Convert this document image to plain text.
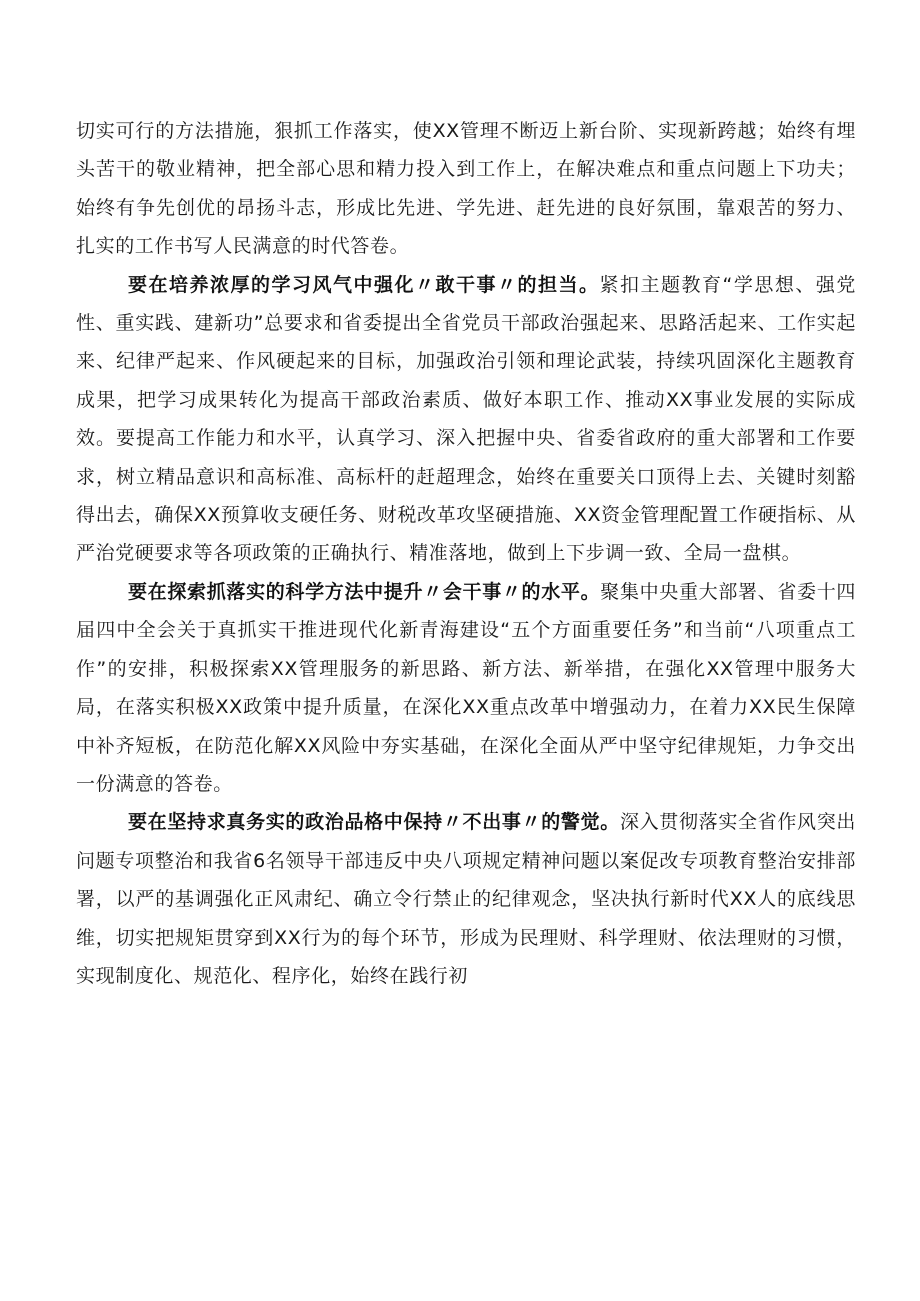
切实可行的方法措施，狠抓工作落实，使XX管理不断迈上新台阶、实现新跨越；始终有埋头苦干的敬业精神，把全部心思和精力投入到工作上，在解决难点和重点问题上下功夫；始终有争先创优的昂扬斗志，形成比先进、学先进、赶先进的良好氛围，靠艰苦的努力、扎实的工作书写人民满意的时代答卷。

要在培养浓厚的学习风气中强化〃敢干事〃的担当。紧扣主题教育“学思想、强党性、重实践、建新功”总要求和省委提出全省党员干部政治强起来、思路活起来、工作实起来、纪律严起来、作风硬起来的目标，加强政治引领和理论武装，持续巩固深化主题教育成果，把学习成果转化为提高干部政治素质、做好本职工作、推动XX事业发展的实际成效。要提高工作能力和水平，认真学习、深入把握中央、省委省政府的重大部署和工作要求，树立精品意识和高标准、高标杆的赶超理念，始终在重要关口顶得上去、关键时刻豁得出去，确保XX预算收支硬任务、财税改革攻坚硬措施、XX资金管理配置工作硬指标、从严治党硬要求等各项政策的正确执行、精准落地，做到上下步调一致、全局一盘棋。

要在探索抓落实的科学方法中提升〃会干事〃的水平。聚集中央重大部署、省委十四届四中全会关于真抓实干推进现代化新青海建设“五个方面重要任务”和当前“八项重点工作”的安排，积极探索XX管理服务的新思路、新方法、新举措，在强化XX管理中服务大局，在落实积极XX政策中提升质量，在深化XX重点改革中增强动力，在着力XX民生保障中补齐短板，在防范化解XX风险中夯实基础，在深化全面从严中坚守纪律规矩，力争交出一份满意的答卷。

要在坚持求真务实的政治品格中保持〃不出事〃的警觉。深入贯彻落实全省作风突出问题专项整治和我省6名领导干部违反中央八项规定精神问题以案促改专项教育整治安排部署，以严的基调强化正风肃纪、确立令行禁止的纪律观念，坚决执行新时代XX人的底线思维，切实把规矩贯穿到XX行为的每个环节，形成为民理财、科学理财、依法理财的习惯，实现制度化、规范化、程序化，始终在践行初
